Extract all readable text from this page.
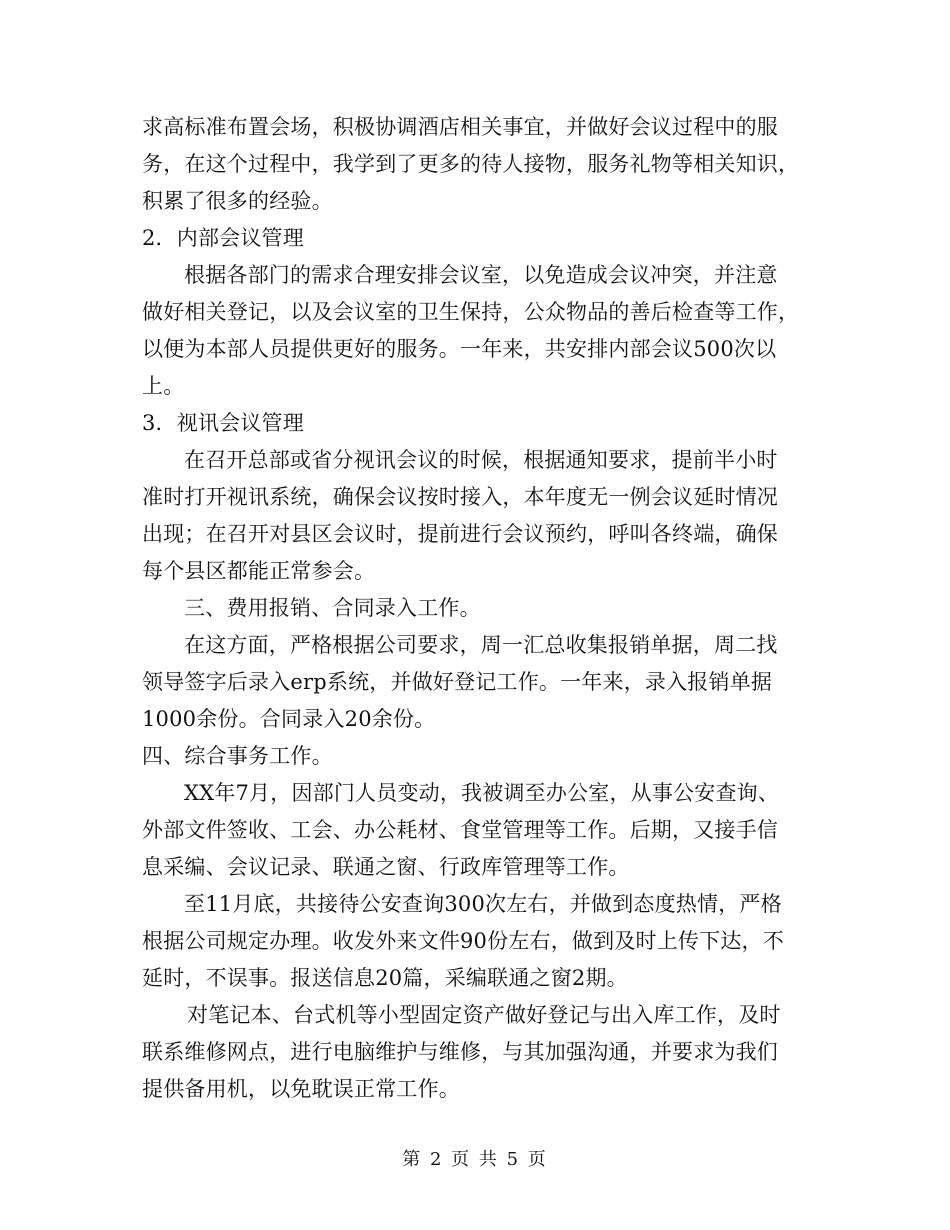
求高标准布置会场，积极协调酒店相关事宜，并做好会议过程中的服
务，在这个过程中，我学到了更多的待人接物，服务礼物等相关知识，
积累了很多的经验。
2．内部会议管理
根据各部门的需求合理安排会议室，以免造成会议冲突，并注意
做好相关登记，以及会议室的卫生保持，公众物品的善后检查等工作，
以便为本部人员提供更好的服务。一年来，共安排内部会议500次以
上。
3．视讯会议管理
在召开总部或省分视讯会议的时候，根据通知要求，提前半小时
准时打开视讯系统，确保会议按时接入，本年度无一例会议延时情况
出现；在召开对县区会议时，提前进行会议预约，呼叫各终端，确保
每个县区都能正常参会。
三、费用报销、合同录入工作。
在这方面，严格根据公司要求，周一汇总收集报销单据，周二找
领导签字后录入erp系统，并做好登记工作。一年来，录入报销单据
1000余份。合同录入20余份。
四、综合事务工作。
XX年7月，因部门人员变动，我被调至办公室，从事公安查询、
外部文件签收、工会、办公耗材、食堂管理等工作。后期，又接手信
息采编、会议记录、联通之窗、行政库管理等工作。
至11月底，共接待公安查询300次左右，并做到态度热情，严格
根据公司规定办理。收发外来文件90份左右，做到及时上传下达，不
延时，不误事。报送信息20篇，采编联通之窗2期。
对笔记本、台式机等小型固定资产做好登记与出入库工作，及时
联系维修网点，进行电脑维护与维修，与其加强沟通，并要求为我们
提供备用机，以免耽误正常工作。
第 2 页 共 5 页
